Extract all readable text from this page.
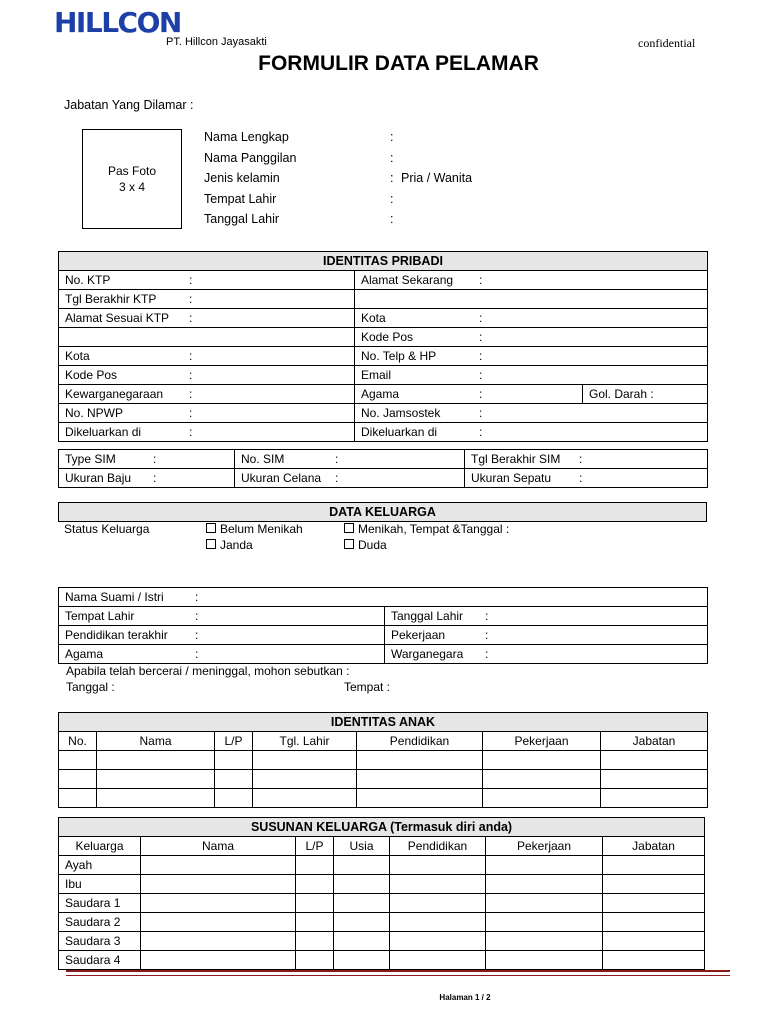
HILLCON
PT. Hillcon Jayasakti	confidential
FORMULIR DATA PELAMAR
Jabatan Yang Dilamar :
Pas Foto
3 x 4
Nama Lengkap	:
Nama Panggilan	:
Jenis kelamin	: Pria / Wanita
Tempat Lahir	:
Tanggal Lahir	:
IDENTITAS PRIBADI		
No. KTP :	Alamat Sekarang :	

Tgl Berakhir KTP :		

Alamat Sesuai KTP :	Kota :	

	Kode Pos :	

Kota :	No. Telp & HP :	

Kode Pos :	Email :	

Kewarganegaraan :	Agama :	Gol. Darah :
No. NPWP :	No. Jamsostek :	

Dikeluarkan di :	Dikeluarkan di :	
Type SIM :	No. SIM :	Tgl Berakhir SIM :

Ukuran Baju :	Ukuran Celana :	Ukuran Sepatu :
DATA KELUARGA
Status Keluarga	Belum Menikah	Menikah, Tempat &Tanggal :
Janda	Duda
Nama Suami / Istri :	

Tempat Lahir :	Tanggal Lahir :

Pendidikan terakhir :	Pekerjaan :

Agama :	Warganegara :
Apabila telah bercerai / meninggal, mohon sebutkan :
Tanggal :	Tempat :
IDENTITAS ANAK						
No.	Nama	L/P	Tgl. Lahir	Pendidikan	Pekerjaan	Jabatan

SUSUNAN KELUARGA (Termasuk diri anda)						
Keluarga	Nama	L/P	Usia	Pendidikan	Pekerjaan	Jabatan
Ayah						
Ibu						
Saudara 1						
Saudara 2						
Saudara 3						
Saudara 4						
Halaman 1 / 2
